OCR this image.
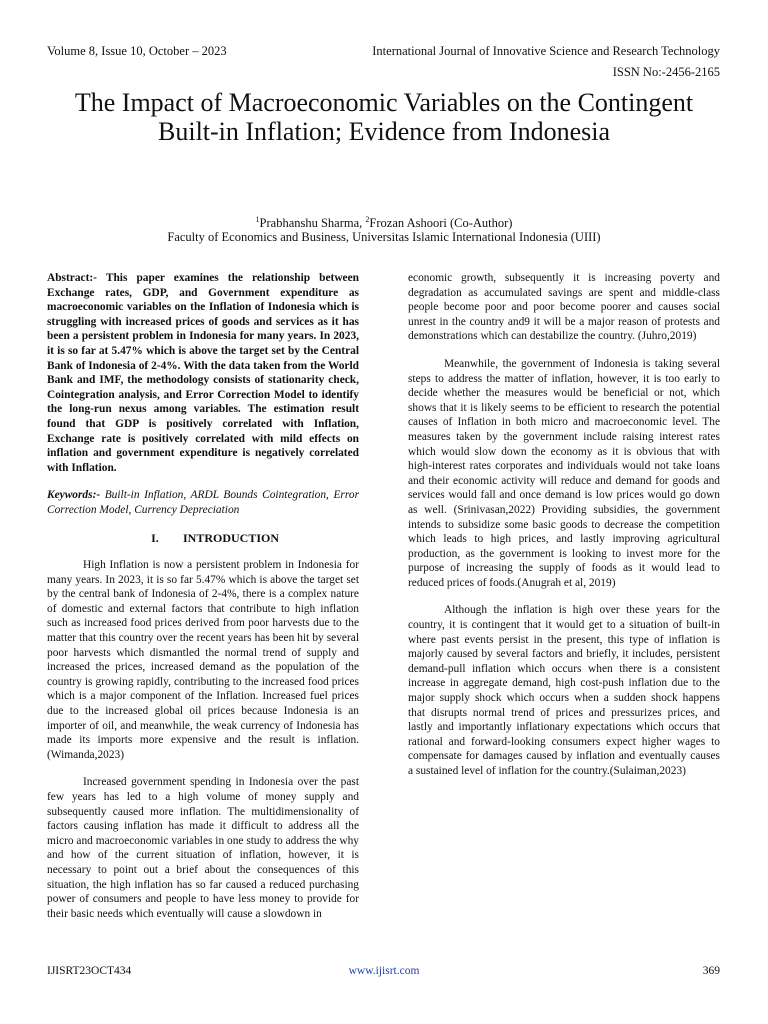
Volume 8, Issue 10, October – 2023	International Journal of Innovative Science and Research Technology
ISSN No:-2456-2165
The Impact of Macroeconomic Variables on the Contingent Built-in Inflation; Evidence from Indonesia
$^1$Prabhanshu Sharma, $^2$Frozan Ashoori (Co-Author)
Faculty of Economics and Business, Universitas Islamic International Indonesia (UIII)

Abstract:- This paper examines the relationship between Exchange rates, GDP, and Government expenditure as macroeconomic variables on the Inflation of Indonesia which is struggling with increased prices of goods and services as it has been a persistent problem in Indonesia for many years. In 2023, it is so far at 5.47% which is above the target set by the Central Bank of Indonesia of 2-4%. With the data taken from the World Bank and IMF, the methodology consists of stationarity check, Cointegration analysis, and Error Correction Model to identify the long-run nexus among variables. The estimation result found that GDP is positively correlated with Inflation, Exchange rate is positively correlated with mild effects on inflation and government expenditure is negatively correlated with Inflation.

Keywords:- Built-in Inflation, ARDL Bounds Cointegration, Error Correction Model, Currency Depreciation

I. INTRODUCTION

High Inflation is now a persistent problem in Indonesia for many years. In 2023, it is so far 5.47% which is above the target set by the central bank of Indonesia of 2-4%, there is a complex nature of domestic and external factors that contribute to high inflation such as increased food prices derived from poor harvests due to the matter that this country over the recent years has been hit by several poor harvests which dismantled the normal trend of supply and increased the prices, increased demand as the population of the country is growing rapidly, contributing to the increased food prices which is a major component of the Inflation. Increased fuel prices due to the increased global oil prices because Indonesia is an importer of oil, and meanwhile, the weak currency of Indonesia has made its imports more expensive and the result is inflation. (Wimanda,2023)

Increased government spending in Indonesia over the past few years has led to a high volume of money supply and subsequently caused more inflation. The multidimensionality of factors causing inflation has made it difficult to address all the micro and macroeconomic variables in one study to address the why and how of the current situation of inflation, however, it is necessary to point out a brief about the consequences of this situation, the high inflation has so far caused a reduced purchasing power of consumers and people to have less money to provide for their basic needs which eventually will cause a slowdown in

economic growth, subsequently it is increasing poverty and degradation as accumulated savings are spent and middle-class people become poor and poor become poorer and causes social unrest in the country and9 it will be a major reason of protests and demonstrations which can destabilize the country. (Juhro,2019)

Meanwhile, the government of Indonesia is taking several steps to address the matter of inflation, however, it is too early to decide whether the measures would be beneficial or not, which shows that it is likely seems to be efficient to research the potential causes of Inflation in both micro and macroeconomic level. The measures taken by the government include raising interest rates which would slow down the economy as it is obvious that with high-interest rates corporates and individuals would not take loans and their economic activity will reduce and demand for goods and services would fall and once demand is low prices would go down as well. (Srinivasan,2022) Providing subsidies, the government intends to subsidize some basic goods to decrease the competition which leads to high prices, and lastly improving agricultural production, as the government is looking to invest more for the purpose of increasing the supply of foods as it would lead to reduced prices of foods.(Anugrah et al, 2019)

Although the inflation is high over these years for the country, it is contingent that it would get to a situation of built-in where past events persist in the present, this type of inflation is majorly caused by several factors and briefly, it includes, persistent demand-pull inflation which occurs when there is a consistent increase in aggregate demand, high cost-push inflation due to the major supply shock which occurs when a sudden shock happens that disrupts normal trend of prices and pressurizes prices, and lastly and importantly inflationary expectations which occurs that rational and forward-looking consumers expect higher wages to compensate for damages caused by inflation and eventually causes a sustained level of inflation for the country.(Sulaiman,2023)

IJISRT23OCT434	www.ijisrt.com	369
